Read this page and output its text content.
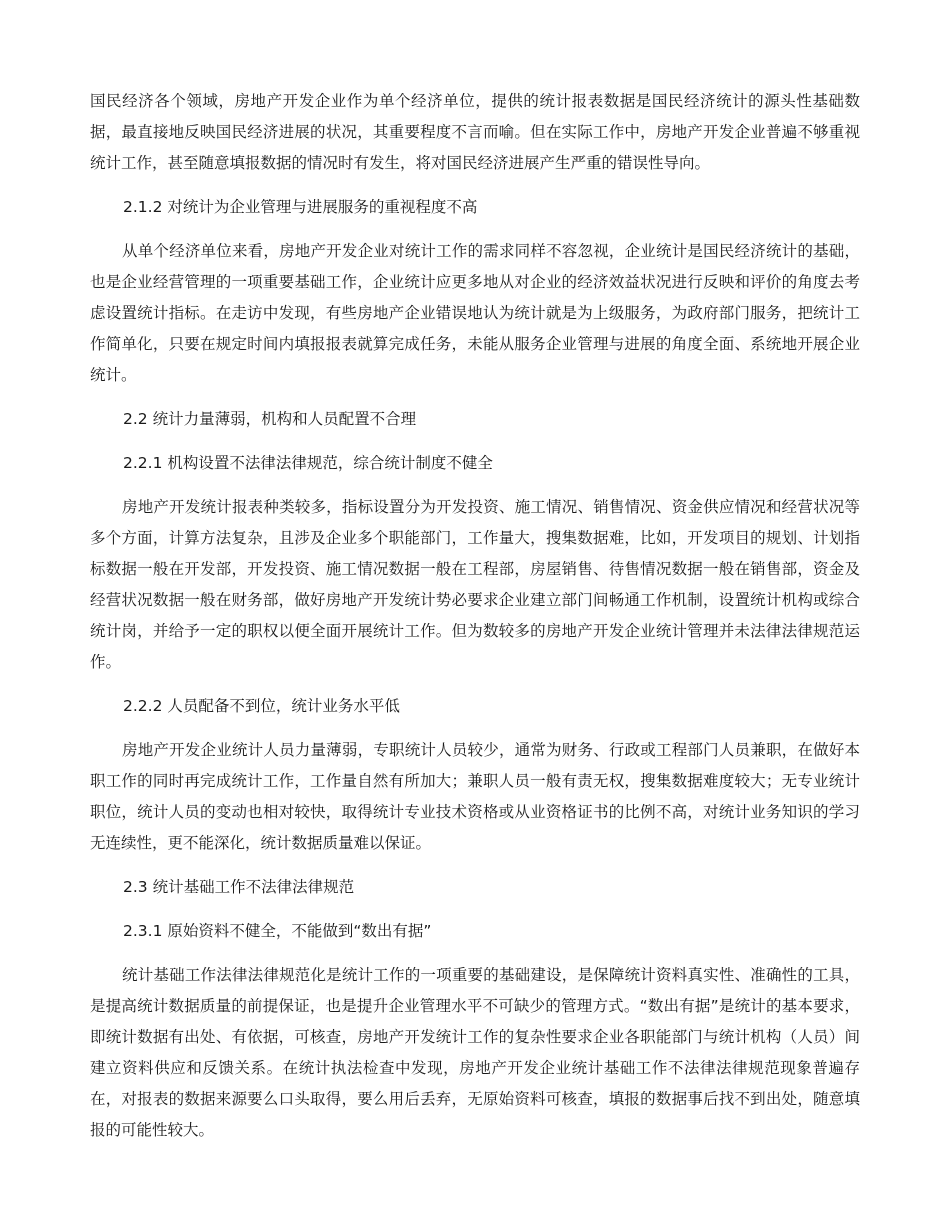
国民经济各个领域，房地产开发企业作为单个经济单位，提供的统计报表数据是国民经济统计的源头性基础数据，最直接地反映国民经济进展的状况，其重要程度不言而喻。但在实际工作中，房地产开发企业普遍不够重视统计工作，甚至随意填报数据的情况时有发生，将对国民经济进展产生严重的错误性导向。

2.1.2 对统计为企业管理与进展服务的重视程度不高

从单个经济单位来看，房地产开发企业对统计工作的需求同样不容忽视，企业统计是国民经济统计的基础，也是企业经营管理的一项重要基础工作，企业统计应更多地从对企业的经济效益状况进行反映和评价的角度去考虑设置统计指标。在走访中发现，有些房地产企业错误地认为统计就是为上级服务，为政府部门服务，把统计工作简单化，只要在规定时间内填报报表就算完成任务，未能从服务企业管理与进展的角度全面、系统地开展企业统计。

2.2 统计力量薄弱，机构和人员配置不合理

2.2.1 机构设置不法律法律规范，综合统计制度不健全

房地产开发统计报表种类较多，指标设置分为开发投资、施工情况、销售情况、资金供应情况和经营状况等多个方面，计算方法复杂，且涉及企业多个职能部门，工作量大，搜集数据难，比如，开发项目的规划、计划指标数据一般在开发部，开发投资、施工情况数据一般在工程部，房屋销售、待售情况数据一般在销售部，资金及经营状况数据一般在财务部，做好房地产开发统计势必要求企业建立部门间畅通工作机制，设置统计机构或综合统计岗，并给予一定的职权以便全面开展统计工作。但为数较多的房地产开发企业统计管理并未法律法律规范运作。

2.2.2 人员配备不到位，统计业务水平低

房地产开发企业统计人员力量薄弱，专职统计人员较少，通常为财务、行政或工程部门人员兼职，在做好本职工作的同时再完成统计工作，工作量自然有所加大；兼职人员一般有责无权，搜集数据难度较大；无专业统计职位，统计人员的变动也相对较快，取得统计专业技术资格或从业资格证书的比例不高，对统计业务知识的学习无连续性，更不能深化，统计数据质量难以保证。

2.3 统计基础工作不法律法律规范

2.3.1 原始资料不健全，不能做到“数出有据”

统计基础工作法律法律规范化是统计工作的一项重要的基础建设，是保障统计资料真实性、准确性的工具，是提高统计数据质量的前提保证，也是提升企业管理水平不可缺少的管理方式。“数出有据”是统计的基本要求，即统计数据有出处、有依据，可核查，房地产开发统计工作的复杂性要求企业各职能部门与统计机构（人员）间建立资料供应和反馈关系。在统计执法检查中发现，房地产开发企业统计基础工作不法律法律规范现象普遍存在，对报表的数据来源要么口头取得，要么用后丢弃，无原始资料可核查，填报的数据事后找不到出处，随意填报的可能性较大。
